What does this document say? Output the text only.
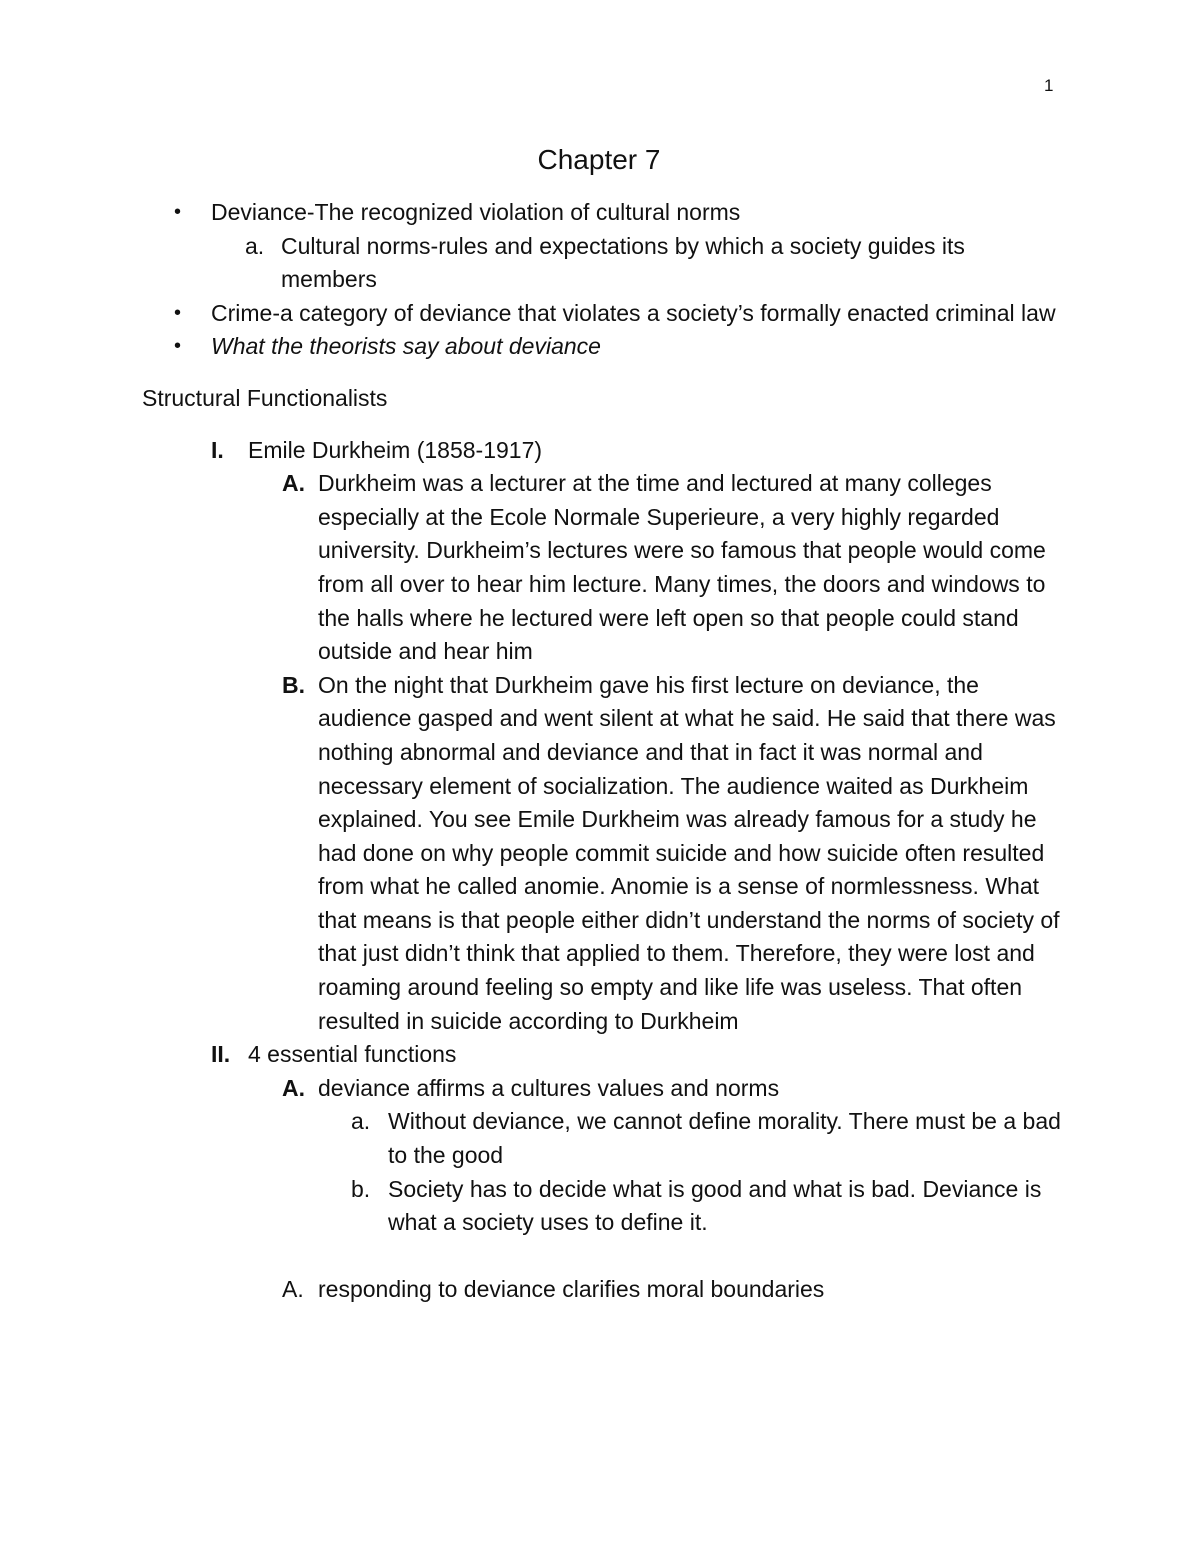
1
Chapter 7
• Deviance-The recognized violation of cultural norms
a. Cultural norms-rules and expectations by which a society guides its members
• Crime-a category of deviance that violates a society’s formally enacted criminal law
• What the theorists say about deviance
Structural Functionalists
I. Emile Durkheim (1858-1917)
A. Durkheim was a lecturer at the time and lectured at many colleges especially at the Ecole Normale Superieure, a very highly regarded university. Durkheim’s lectures were so famous that people would come from all over to hear him lecture. Many times, the doors and windows to the halls where he lectured were left open so that people could stand outside and hear him
B. On the night that Durkheim gave his first lecture on deviance, the audience gasped and went silent at what he said. He said that there was nothing abnormal and deviance and that in fact it was normal and necessary element of socialization. The audience waited as Durkheim explained. You see Emile Durkheim was already famous for a study he had done on why people commit suicide and how suicide often resulted from what he called anomie. Anomie is a sense of normlessness. What that means is that people either didn’t understand the norms of society of that just didn’t think that applied to them. Therefore, they were lost and roaming around feeling so empty and like life was useless. That often resulted in suicide according to Durkheim
II. 4 essential functions
A. deviance affirms a cultures values and norms
a. Without deviance, we cannot define morality. There must be a bad to the good
b. Society has to decide what is good and what is bad. Deviance is what a society uses to define it.
A. responding to deviance clarifies moral boundaries
